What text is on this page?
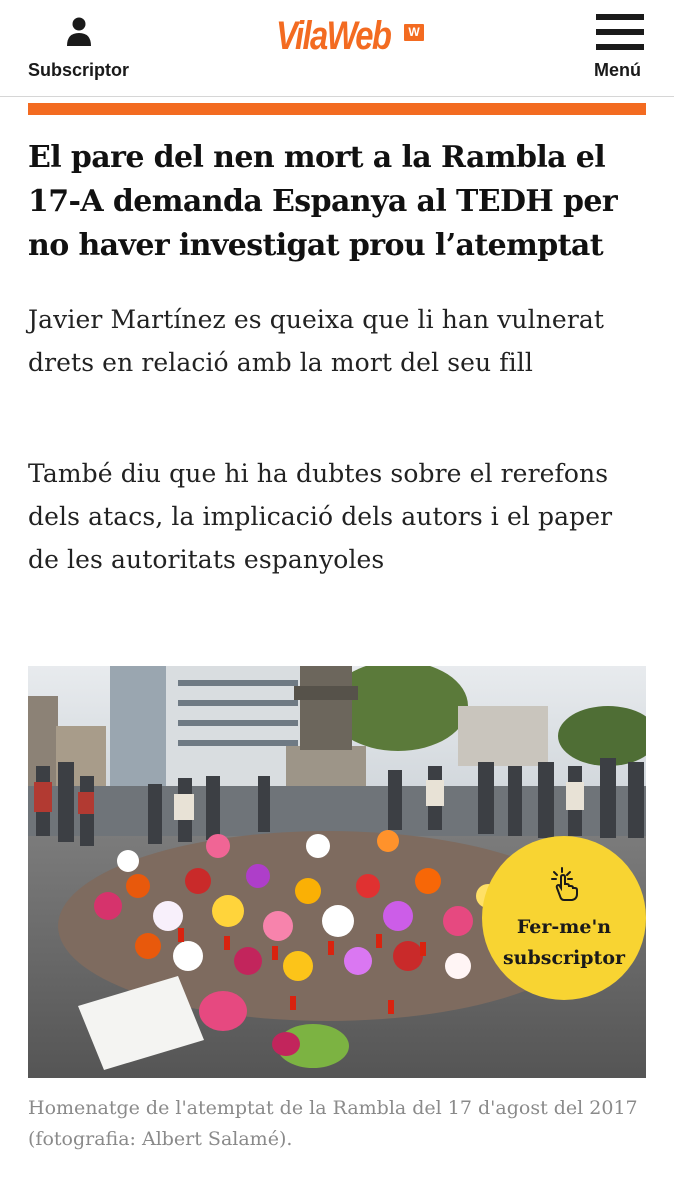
Subscriptor
VilaWeb	W
Menú
El pare del nen mort a la Rambla el 17-A demanda Espanya al TEDH per no haver investigat prou l’atemptat

Javier Martínez es queixa que li han vulnerat drets en relació amb la mort del seu fill

També diu que hi ha dubtes sobre el rerefons dels atacs, la implicació dels autors i el paper de les autoritats espanyoles

Fer-me'n subscriptor

Homenatge de l'atemptat de la Rambla del 17 d'agost del 2017 (fotografia: Albert Salamé).
